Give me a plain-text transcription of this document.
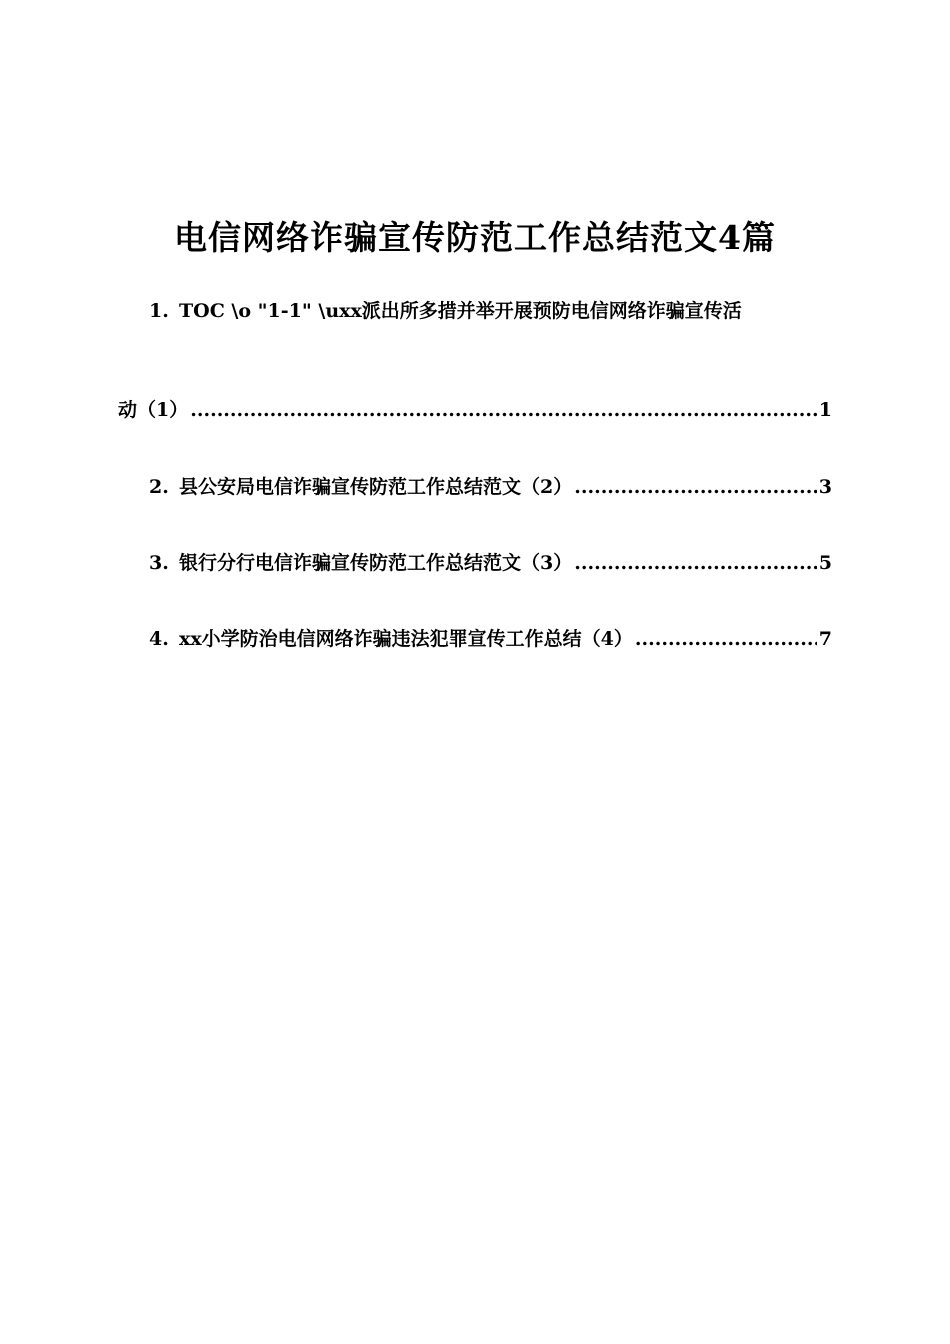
电信网络诈骗宣传防范工作总结范文4篇
1. TOC \o "1-1" \uxx派出所多措并举开展预防电信网络诈骗宣传活
动（1） .....	1
2. 县公安局电信诈骗宣传防范工作总结范文（2） .....	3
3. 银行分行电信诈骗宣传防范工作总结范文（3） .....	5
4. xx小学防治电信网络诈骗违法犯罪宣传工作总结（4） .....	7
